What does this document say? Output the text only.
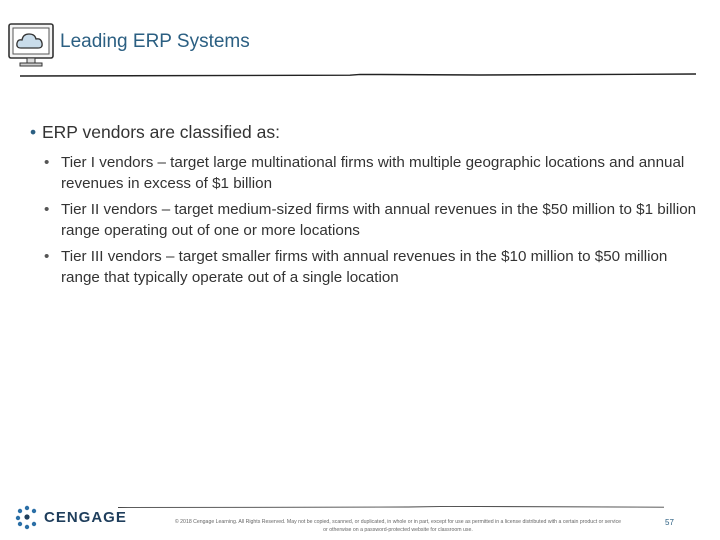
Leading ERP Systems
• ERP vendors are classified as:
• Tier I vendors – target large multinational firms with multiple geographic locations and annual revenues in excess of $1 billion
• Tier II vendors – target medium-sized firms with annual revenues in the $50 million to $1 billion range operating out of one or more locations
• Tier III vendors – target smaller firms with annual revenues in the $10 million to $50 million range that typically operate out of a single location
CENGAGE	© 2018 Cengage Learning. All Rights Reserved. May not be copied, scanned, or duplicated, in whole or in part, except for use as permitted in a license distributed with a certain product or service
or otherwise on a password-protected website for classroom use.
57
